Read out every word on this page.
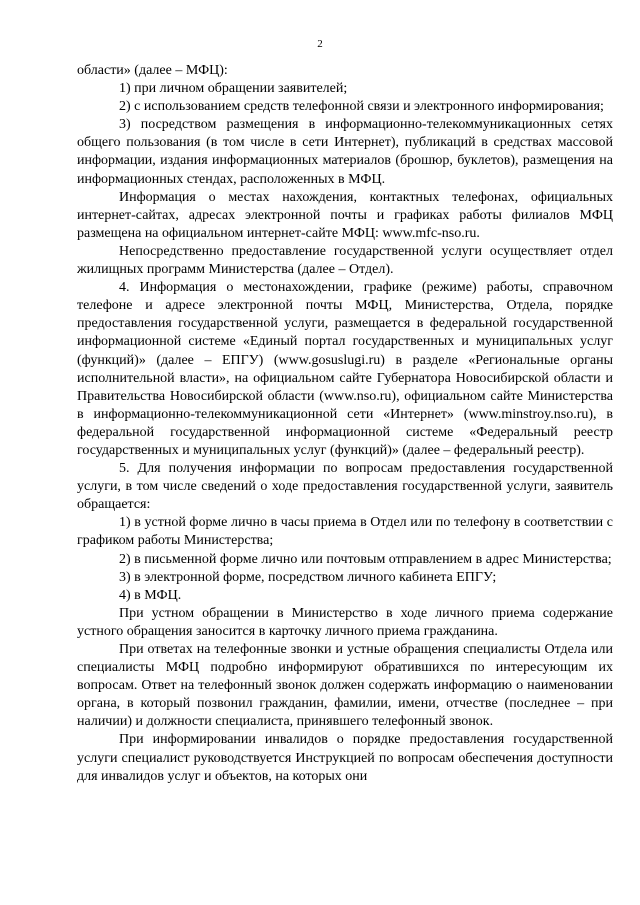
2

области» (далее – МФЦ):

1) при личном обращении заявителей;

2) с использованием средств телефонной связи и электронного информирования;

3) посредством размещения в информационно-телекоммуникационных сетях общего пользования (в том числе в сети Интернет), публикаций в средствах массовой информации, издания информационных материалов (брошюр, буклетов), размещения на информационных стендах, расположенных в МФЦ.

Информация о местах нахождения, контактных телефонах, официальных интернет-сайтах, адресах электронной почты и графиках работы филиалов МФЦ размещена на официальном интернет-сайте МФЦ: www.mfc-nso.ru.

Непосредственно предоставление государственной услуги осуществляет отдел жилищных программ Министерства (далее – Отдел).

4. Информация о местонахождении, графике (режиме) работы, справочном телефоне и адресе электронной почты МФЦ, Министерства, Отдела, порядке предоставления государственной услуги, размещается в федеральной государственной информационной системе «Единый портал государственных и муниципальных услуг (функций)» (далее – ЕПГУ) (www.gosuslugi.ru) в разделе «Региональные органы исполнительной власти», на официальном сайте Губернатора Новосибирской области и Правительства Новосибирской области (www.nso.ru), официальном сайте Министерства в информационно-телекоммуникационной сети «Интернет» (www.minstroy.nso.ru), в федеральной государственной информационной системе «Федеральный реестр государственных и муниципальных услуг (функций)» (далее – федеральный реестр).

5. Для получения информации по вопросам предоставления государственной услуги, в том числе сведений о ходе предоставления государственной услуги, заявитель обращается:

1) в устной форме лично в часы приема в Отдел или по телефону в соответствии с графиком работы Министерства;

2) в письменной форме лично или почтовым отправлением в адрес Министерства;

3) в электронной форме, посредством личного кабинета ЕПГУ;

4) в МФЦ.

При устном обращении в Министерство в ходе личного приема содержание устного обращения заносится в карточку личного приема гражданина.

При ответах на телефонные звонки и устные обращения специалисты Отдела или специалисты МФЦ подробно информируют обратившихся по интересующим их вопросам. Ответ на телефонный звонок должен содержать информацию о наименовании органа, в который позвонил гражданин, фамилии, имени, отчестве (последнее – при наличии) и должности специалиста, принявшего телефонный звонок.

При информировании инвалидов о порядке предоставления государственной услуги специалист руководствуется Инструкцией по вопросам обеспечения доступности для инвалидов услуг и объектов, на которых они
